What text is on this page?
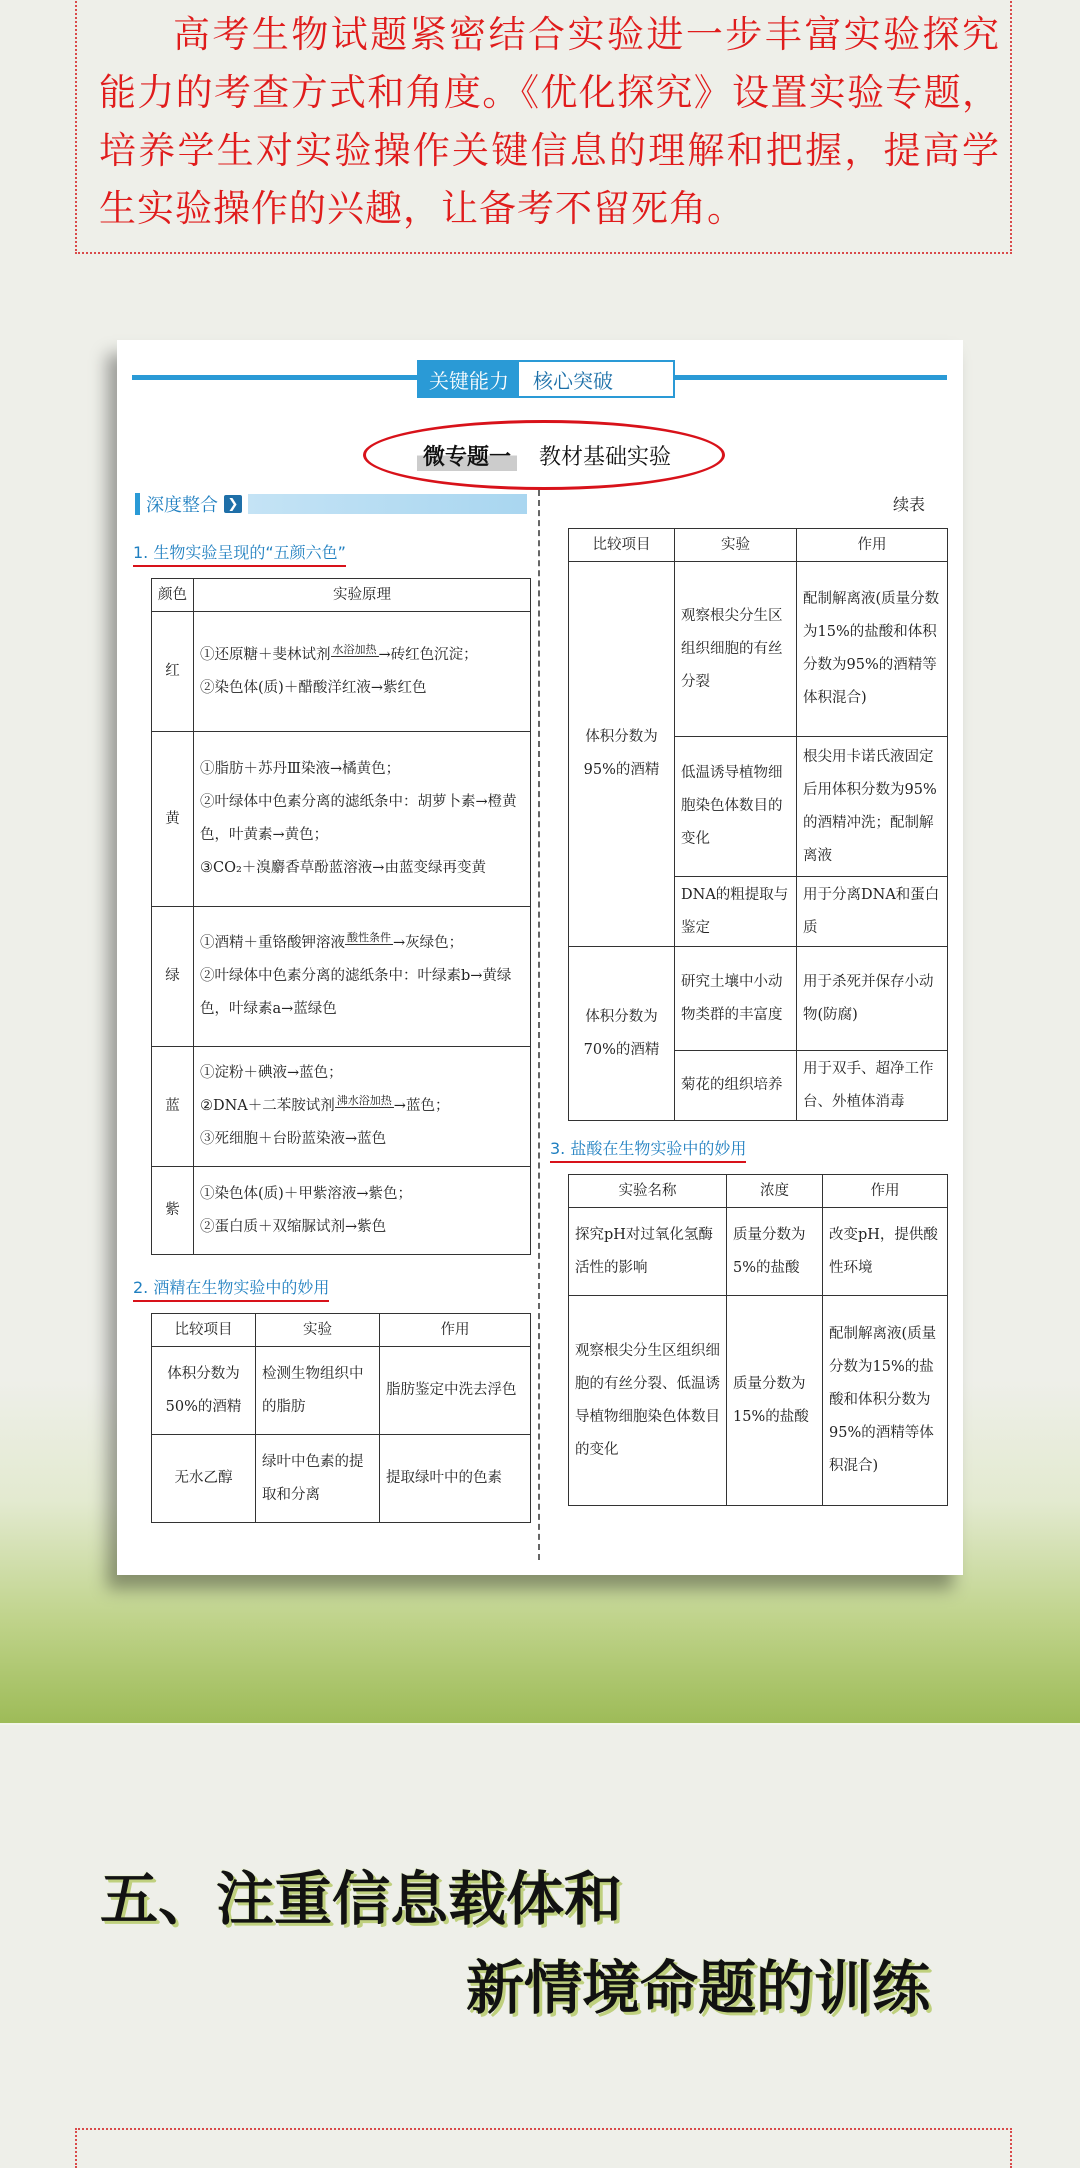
高考生物试题紧密结合实验进一步丰富实验探究能力的考查方式和角度。《优化探究》设置实验专题，培养学生对实验操作关键信息的理解和把握，提高学生实验操作的兴趣，让备考不留死角。

关键能力	核心突破
微专题一 教材基础实验
深度整合 ❯	续表
1. 生物实验呈现的“五颜六色”
颜色	实验原理
红	①还原糖＋斐林试剂 水浴加热 →砖红色沉淀；
②染色体(质)＋醋酸洋红液→紫红色

黄	①脂肪＋苏丹Ⅲ染液→橘黄色；
②叶绿体中色素分离的滤纸条中：胡萝卜素→橙黄色，叶黄素→黄色；
③CO₂＋溴麝香草酚蓝溶液→由蓝变绿再变黄

绿	①酒精＋重铬酸钾溶液 酸性条件 →灰绿色；
②叶绿体中色素分离的滤纸条中：叶绿素b→黄绿色，叶绿素a→蓝绿色

蓝	①淀粉＋碘液→蓝色；
②DNA＋二苯胺试剂 沸水浴加热 →蓝色；
③死细胞＋台盼蓝染液→蓝色

紫	①染色体(质)＋甲紫溶液→紫色；
②蛋白质＋双缩脲试剂→紫色
2. 酒精在生物实验中的妙用
比较项目	实验	作用
体积分数为50%的酒精	检测生物组织中的脂肪	脂肪鉴定中洗去浮色
无水乙醇	绿叶中色素的提取和分离	提取绿叶中的色素
比较项目	实验	作用
体积分数为95%的酒精	观察根尖分生区组织细胞的有丝分裂	配制解离液(质量分数为15%的盐酸和体积分数为95%的酒精等体积混合)
	低温诱导植物细胞染色体数目的变化	根尖用卡诺氏液固定后用体积分数为95%的酒精冲洗；配制解离液
	DNA的粗提取与鉴定	用于分离DNA和蛋白质
体积分数为70%的酒精	研究土壤中小动物类群的丰富度	用于杀死并保存小动物(防腐)
	菊花的组织培养	用于双手、超净工作台、外植体消毒
3. 盐酸在生物实验中的妙用
实验名称	浓度	作用
探究pH对过氧化氢酶活性的影响	质量分数为5%的盐酸	改变pH，提供酸性环境
观察根尖分生区组织细胞的有丝分裂、低温诱导植物细胞染色体数目的变化	质量分数为15%的盐酸	配制解离液(质量分数为15%的盐酸和体积分数为95%的酒精等体积混合)
五、注重信息载体和
新情境命题的训练
